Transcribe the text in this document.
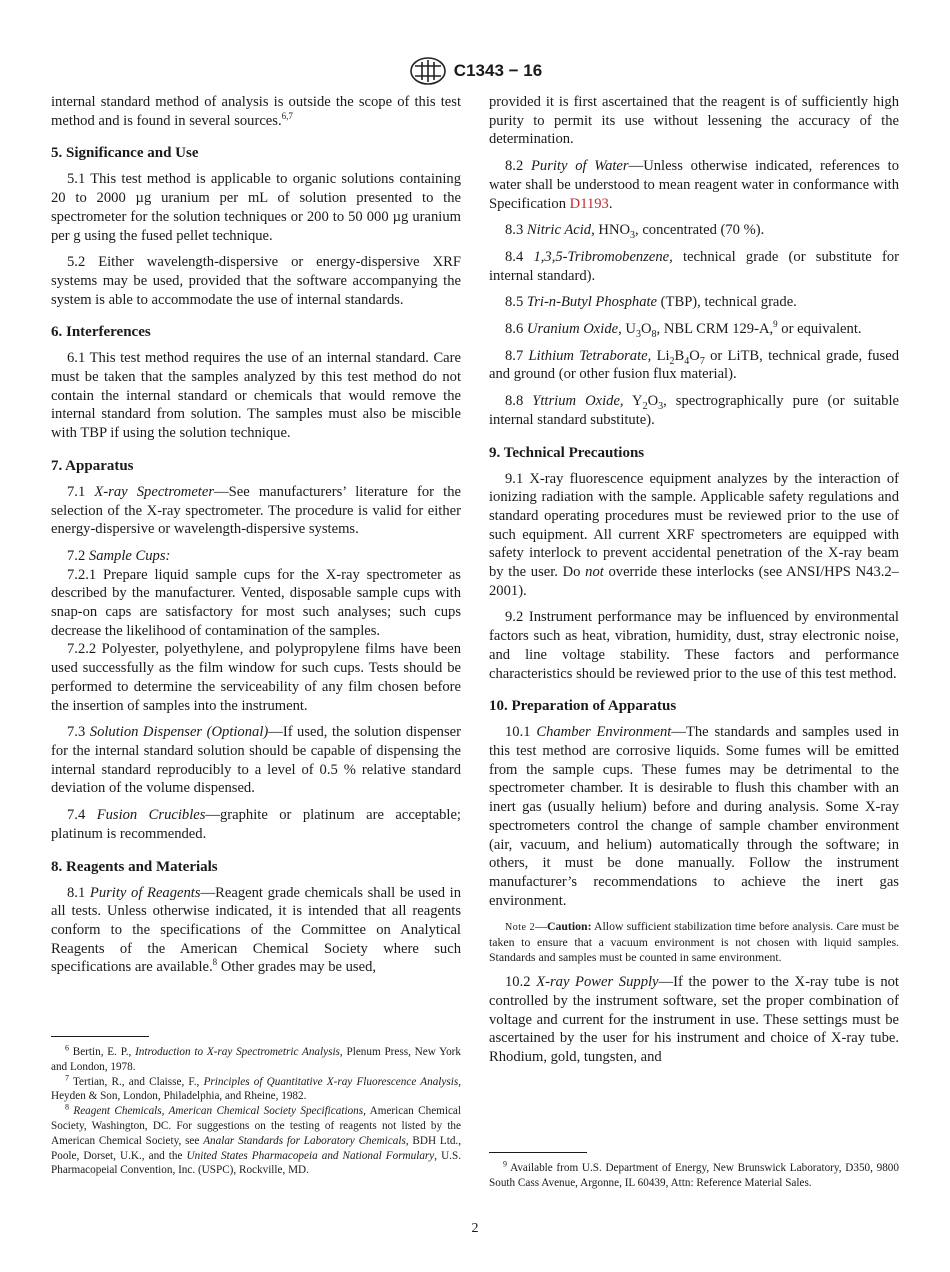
C1343 − 16

internal standard method of analysis is outside the scope of this test method and is found in several sources.$^{6,7}$

5. Significance and Use

5.1 This test method is applicable to organic solutions containing 20 to 2000 µg uranium per mL of solution presented to the spectrometer for the solution techniques or 200 to 50 000 µg uranium per g using the fused pellet technique.

5.2 Either wavelength-dispersive or energy-dispersive XRF systems may be used, provided that the software accompanying the system is able to accommodate the use of internal standards.

6. Interferences

6.1 This test method requires the use of an internal standard. Care must be taken that the samples analyzed by this test method do not contain the internal standard or chemicals that would remove the internal standard from solution. The samples must also be miscible with TBP if using the solution technique.

7. Apparatus

7.1 X-ray Spectrometer—See manufacturers’ literature for the selection of the X-ray spectrometer. The procedure is valid for either energy-dispersive or wavelength-dispersive systems.

7.2 Sample Cups:

7.2.1 Prepare liquid sample cups for the X-ray spectrometer as described by the manufacturer. Vented, disposable sample cups with snap-on caps are satisfactory for most such analyses; such cups decrease the likelihood of contamination of the samples.

7.2.2 Polyester, polyethylene, and polypropylene films have been used successfully as the film window for such cups. Tests should be performed to determine the serviceability of any film chosen before the insertion of samples into the instrument.

7.3 Solution Dispenser (Optional)—If used, the solution dispenser for the internal standard solution should be capable of dispensing the internal standard reproducibly to a level of 0.5 % relative standard deviation of the volume dispensed.

7.4 Fusion Crucibles—graphite or platinum are acceptable; platinum is recommended.

8. Reagents and Materials

8.1 Purity of Reagents—Reagent grade chemicals shall be used in all tests. Unless otherwise indicated, it is intended that all reagents conform to the specifications of the Committee on Analytical Reagents of the American Chemical Society where such specifications are available.$^8$ Other grades may be used,

$^6$ Bertin, E. P., Introduction to X-ray Spectrometric Analysis, Plenum Press, New York and London, 1978.

$^7$ Tertian, R., and Claisse, F., Principles of Quantitative X-ray Fluorescence Analysis, Heyden & Son, London, Philadelphia, and Rheine, 1982.

$^8$ Reagent Chemicals, American Chemical Society Specifications, American Chemical Society, Washington, DC. For suggestions on the testing of reagents not listed by the American Chemical Society, see Analar Standards for Laboratory Chemicals, BDH Ltd., Poole, Dorset, U.K., and the United States Pharmacopeia and National Formulary, U.S. Pharmacopeial Convention, Inc. (USPC), Rockville, MD.

provided it is first ascertained that the reagent is of sufficiently high purity to permit its use without lessening the accuracy of the determination.

8.2 Purity of Water—Unless otherwise indicated, references to water shall be understood to mean reagent water in conformance with Specification D1193.

8.3 Nitric Acid, $HNO_3$, concentrated (70 %).

8.4 1,3,5-Tribromobenzene, technical grade (or substitute for internal standard).

8.5 Tri-n-Butyl Phosphate (TBP), technical grade.

8.6 Uranium Oxide, $U_3O_8$, NBL CRM 129-A,$^9$ or equivalent.

8.7 Lithium Tetraborate, $Li_2B_4O_7$ or LiTB, technical grade, fused and ground (or other fusion flux material).

8.8 Yttrium Oxide, $Y_2O_3$, spectrographically pure (or suitable internal standard substitute).

9. Technical Precautions

9.1 X-ray fluorescence equipment analyzes by the interaction of ionizing radiation with the sample. Applicable safety regulations and standard operating procedures must be reviewed prior to the use of such equipment. All current XRF spectrometers are equipped with safety interlock to prevent accidental penetration of the X-ray beam by the user. Do not override these interlocks (see ANSI/HPS N43.2–2001).

9.2 Instrument performance may be influenced by environmental factors such as heat, vibration, humidity, dust, stray electronic noise, and line voltage stability. These factors and performance characteristics should be reviewed prior to the use of this test method.

10. Preparation of Apparatus

10.1 Chamber Environment—The standards and samples used in this test method are corrosive liquids. Some fumes will be emitted from the sample cups. These fumes may be detrimental to the spectrometer chamber. It is desirable to flush this chamber with an inert gas (usually helium) before and during analysis. Some X-ray spectrometers control the change of sample chamber environment (air, vacuum, and helium) automatically through the software; in others, it must be done manually. Follow the instrument manufacturer’s recommendations to achieve the inert gas environment.

Note 2—Caution: Allow sufficient stabilization time before analysis. Care must be taken to ensure that a vacuum environment is not chosen with liquid samples. Standards and samples must be counted in same environment.

10.2 X-ray Power Supply—If the power to the X-ray tube is not controlled by the instrument software, set the proper combination of voltage and current for the instrument in use. These settings must be ascertained by the user for his instrument and choice of X-ray tube. Rhodium, gold, tungsten, and

$^9$ Available from U.S. Department of Energy, New Brunswick Laboratory, D350, 9800 South Cass Avenue, Argonne, IL 60439, Attn: Reference Material Sales.

2
